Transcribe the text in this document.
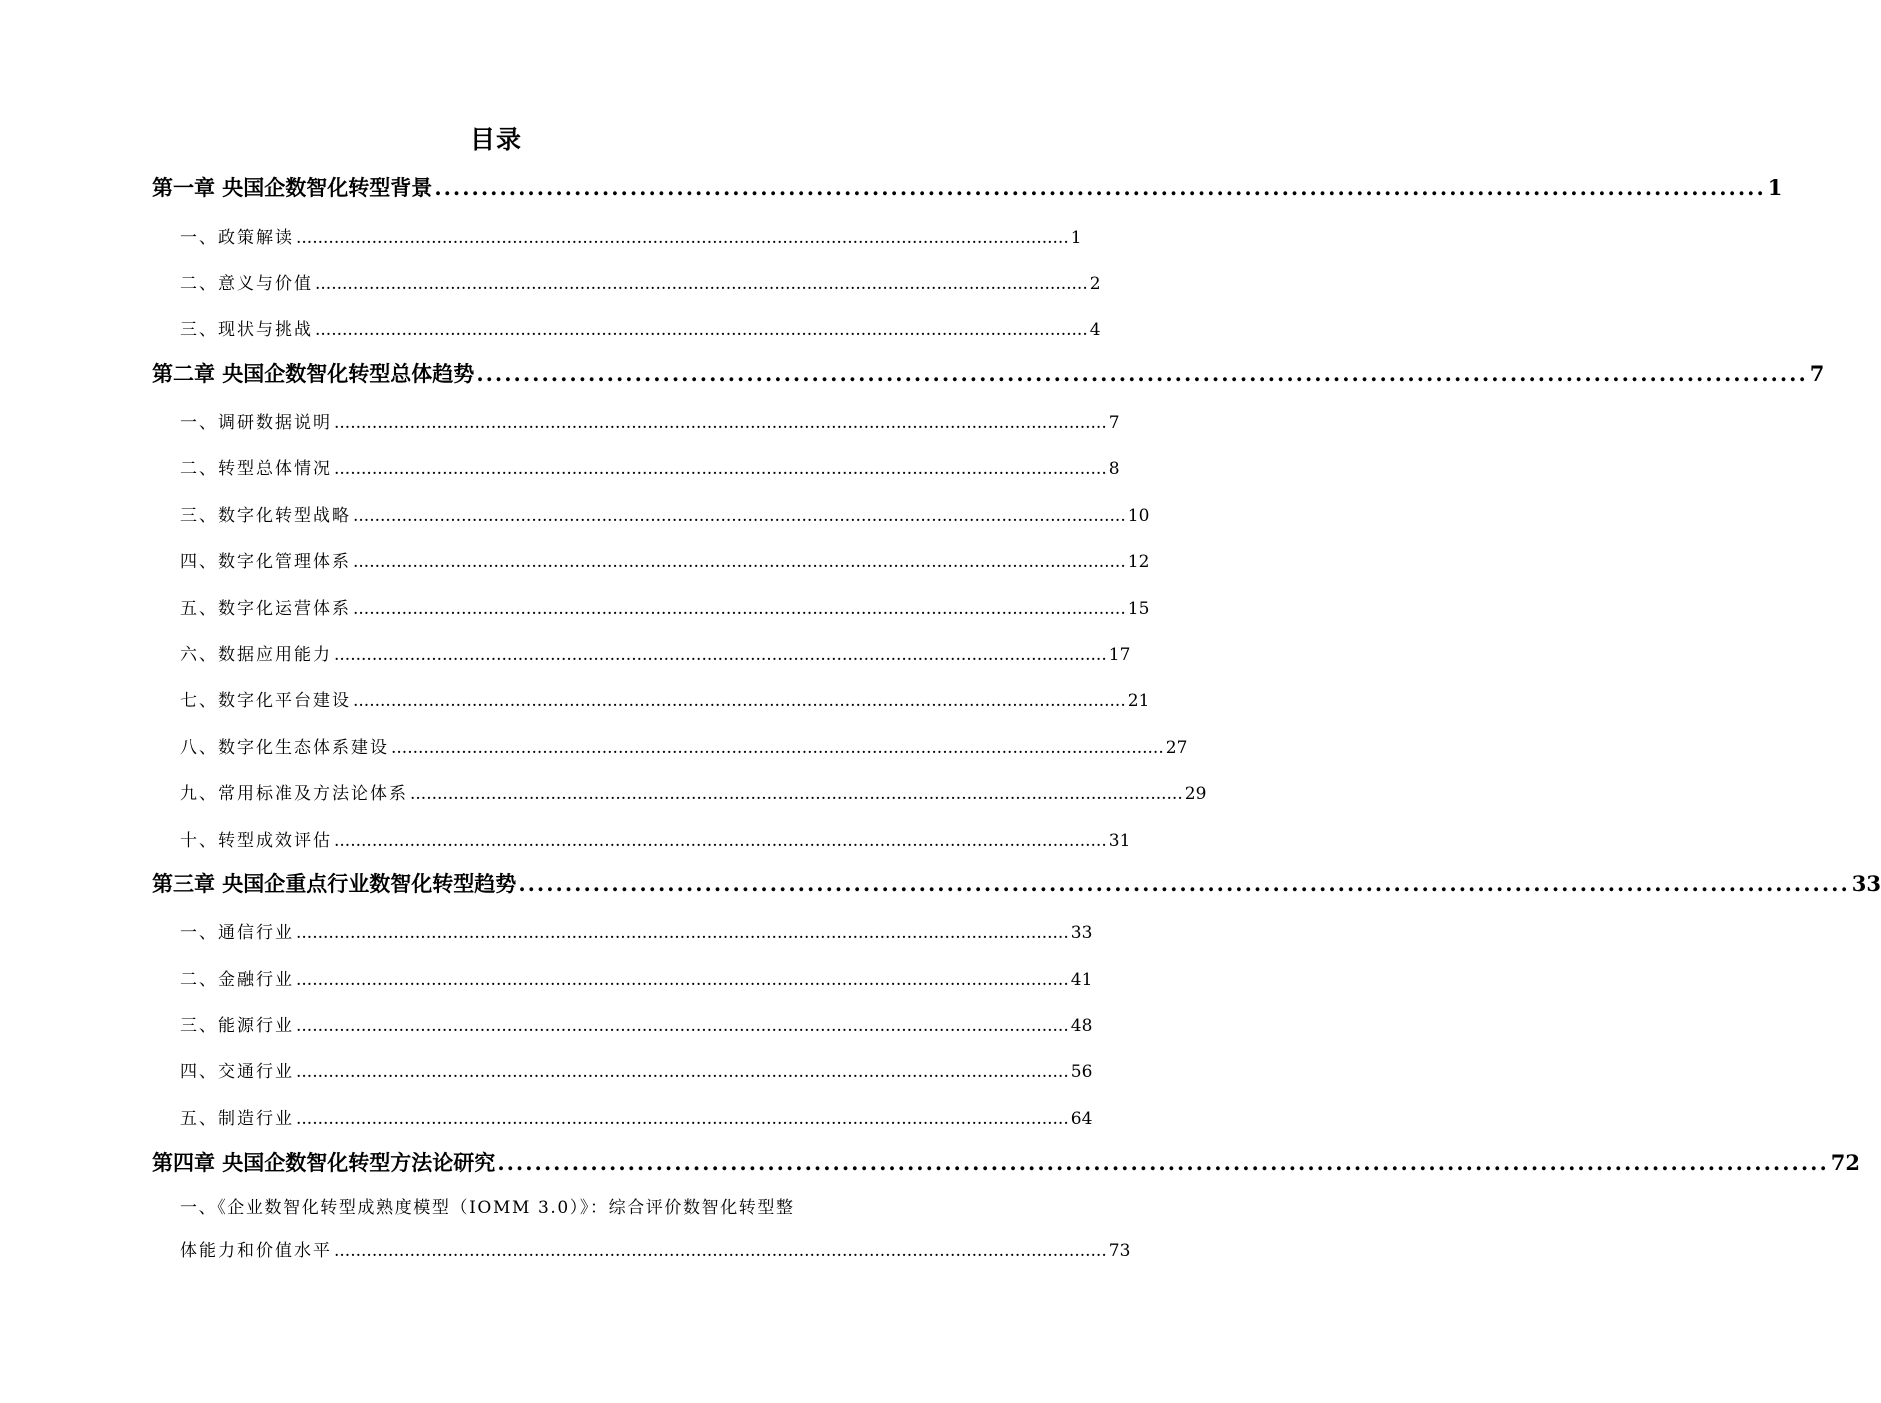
目录
第一章 央国企数智化转型背景 ............................................................................................................................................... 1
一、政策解读 ............................................................................................................................................... 1
二、意义与价值 ............................................................................................................................................... 2
三、现状与挑战 ............................................................................................................................................... 4
第二章 央国企数智化转型总体趋势 ............................................................................................................................................... 7
一、调研数据说明 ............................................................................................................................................... 7
二、转型总体情况 ............................................................................................................................................... 8
三、数字化转型战略 ............................................................................................................................................... 10
四、数字化管理体系 ............................................................................................................................................... 12
五、数字化运营体系 ............................................................................................................................................... 15
六、数据应用能力 ............................................................................................................................................... 17
七、数字化平台建设 ............................................................................................................................................... 21
八、数字化生态体系建设 ............................................................................................................................................... 27
九、常用标准及方法论体系 ............................................................................................................................................... 29
十、转型成效评估 ............................................................................................................................................... 31
第三章 央国企重点行业数智化转型趋势 ............................................................................................................................................... 33
一、通信行业 ............................................................................................................................................... 33
二、金融行业 ............................................................................................................................................... 41
三、能源行业 ............................................................................................................................................... 48
四、交通行业 ............................................................................................................................................... 56
五、制造行业 ............................................................................................................................................... 64
第四章 央国企数智化转型方法论研究 ............................................................................................................................................... 72
一、《企业数智化转型成熟度模型（IOMM 3.0）》：综合评价数智化转型整
体能力和价值水平 ............................................................................................................................................... 73
